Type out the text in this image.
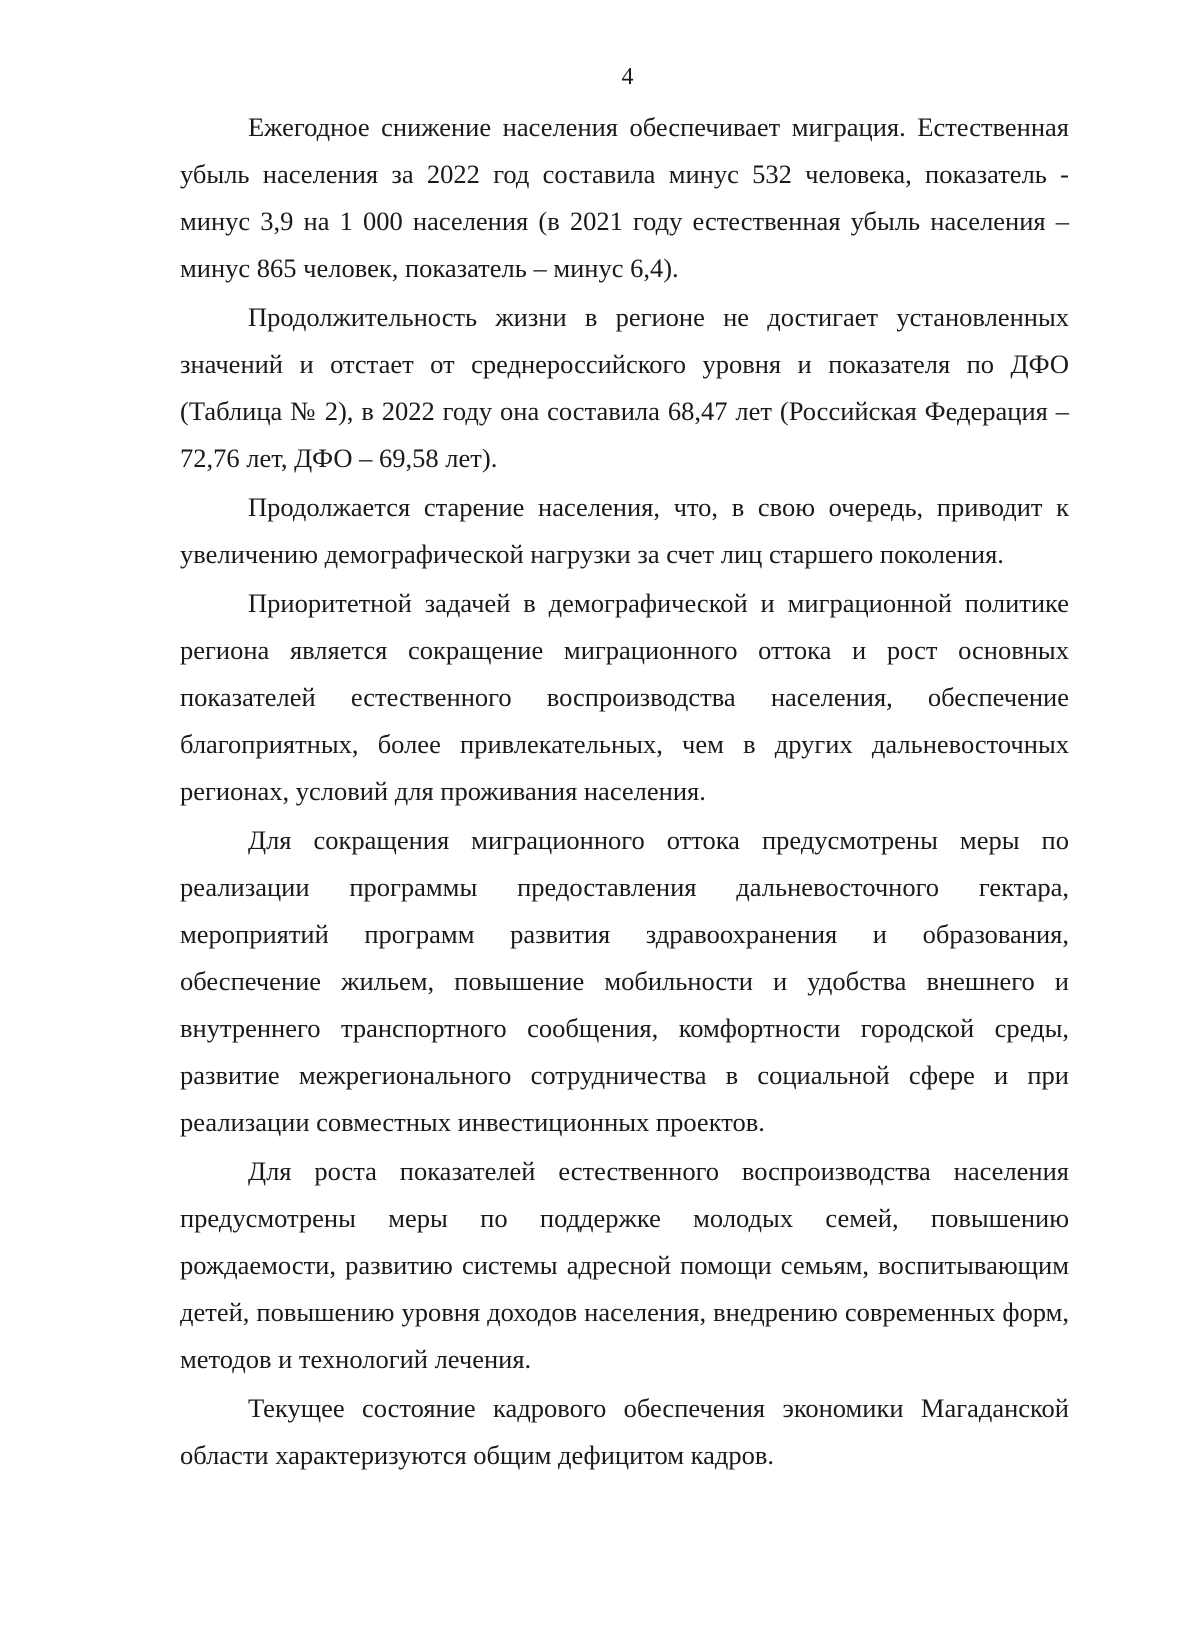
4

Ежегодное снижение населения обеспечивает миграция. Естественная убыль населения за 2022 год составила минус 532 человека, показатель - минус 3,9 на 1 000 населения (в 2021 году естественная убыль населения – минус 865 человек, показатель – минус 6,4).

Продолжительность жизни в регионе не достигает установленных значений и отстает от среднероссийского уровня и показателя по ДФО (Таблица № 2), в 2022 году она составила 68,47 лет (Российская Федерация – 72,76 лет, ДФО – 69,58 лет).

Продолжается старение населения, что, в свою очередь, приводит к увеличению демографической нагрузки за счет лиц старшего поколения.

Приоритетной задачей в демографической и миграционной политике региона является сокращение миграционного оттока и рост основных показателей естественного воспроизводства населения, обеспечение благоприятных, более привлекательных, чем в других дальневосточных регионах, условий для проживания населения.

Для сокращения миграционного оттока предусмотрены меры по реализации программы предоставления дальневосточного гектара, мероприятий программ развития здравоохранения и образования, обеспечение жильем, повышение мобильности и удобства внешнего и внутреннего транспортного сообщения, комфортности городской среды, развитие межрегионального сотрудничества в социальной сфере и при реализации совместных инвестиционных проектов.

Для роста показателей естественного воспроизводства населения предусмотрены меры по поддержке молодых семей, повышению рождаемости, развитию системы адресной помощи семьям, воспитывающим детей, повышению уровня доходов населения, внедрению современных форм, методов и технологий лечения.

Текущее состояние кадрового обеспечения экономики Магаданской области характеризуются общим дефицитом кадров.
